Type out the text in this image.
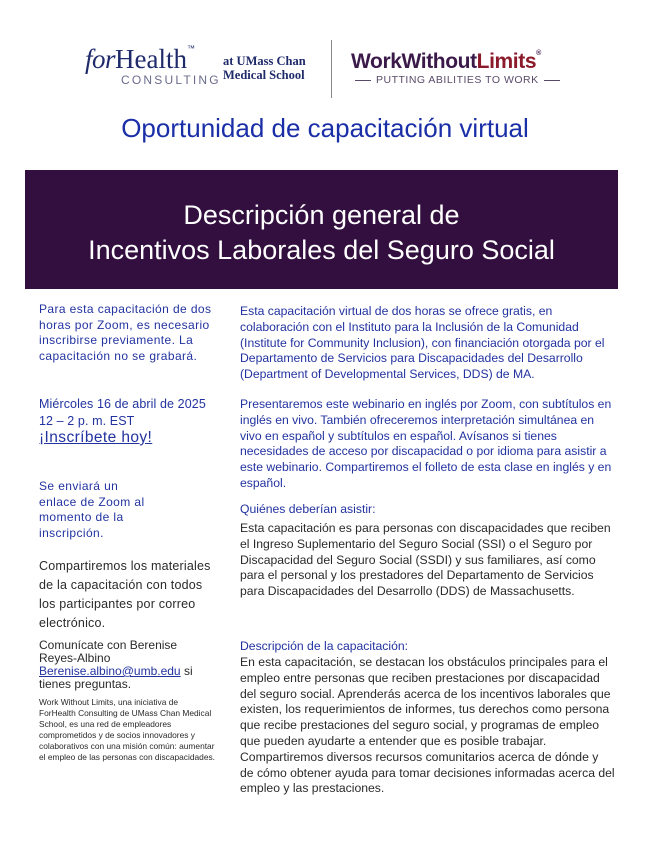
forHealth™
CONSULTING
at UMass Chan
Medical School
WorkWithoutLimits®
PUTTING ABILITIES TO WORK
Oportunidad de capacitación virtual
Descripción general de
Incentivos Laborales del Seguro Social
Para esta capacitación de dos horas por Zoom, es necesario inscribirse previamente. La capacitación no se grabará.
Miércoles 16 de abril de 2025
12 – 2 p. m. EST
¡Inscríbete hoy!
Se enviará un enlace de Zoom al momento de la inscripción.
Compartiremos los materiales de la capacitación con todos los participantes por correo electrónico.
Comunícate con Berenise Reyes-Albino
Berenise.albino@umb.edu si tienes preguntas.
Work Without Limits, una iniciativa de ForHealth Consulting de UMass Chan Medical School, es una red de empleadores comprometidos y de socios innovadores y colaborativos con una misión común: aumentar el empleo de las personas con discapacidades.
Esta capacitación virtual de dos horas se ofrece gratis, en colaboración con el Instituto para la Inclusión de la Comunidad (Institute for Community Inclusion), con financiación otorgada por el Departamento de Servicios para Discapacidades del Desarrollo (Department of Developmental Services, DDS) de MA.
Presentaremos este webinario en inglés por Zoom, con subtítulos en inglés en vivo. También ofreceremos interpretación simultánea en vivo en español y subtítulos en español. Avísanos si tienes necesidades de acceso por discapacidad o por idioma para asistir a este webinario. Compartiremos el folleto de esta clase en inglés y en español.
Quiénes deberían asistir:
Esta capacitación es para personas con discapacidades que reciben el Ingreso Suplementario del Seguro Social (SSI) o el Seguro por Discapacidad del Seguro Social (SSDI) y sus familiares, así como para el personal y los prestadores del Departamento de Servicios para Discapacidades del Desarrollo (DDS) de Massachusetts.
Descripción de la capacitación:
En esta capacitación, se destacan los obstáculos principales para el empleo entre personas que reciben prestaciones por discapacidad del seguro social. Aprenderás acerca de los incentivos laborales que existen, los requerimientos de informes, tus derechos como persona que recibe prestaciones del seguro social, y programas de empleo que pueden ayudarte a entender que es posible trabajar. Compartiremos diversos recursos comunitarios acerca de dónde y de cómo obtener ayuda para tomar decisiones informadas acerca del empleo y las prestaciones.
